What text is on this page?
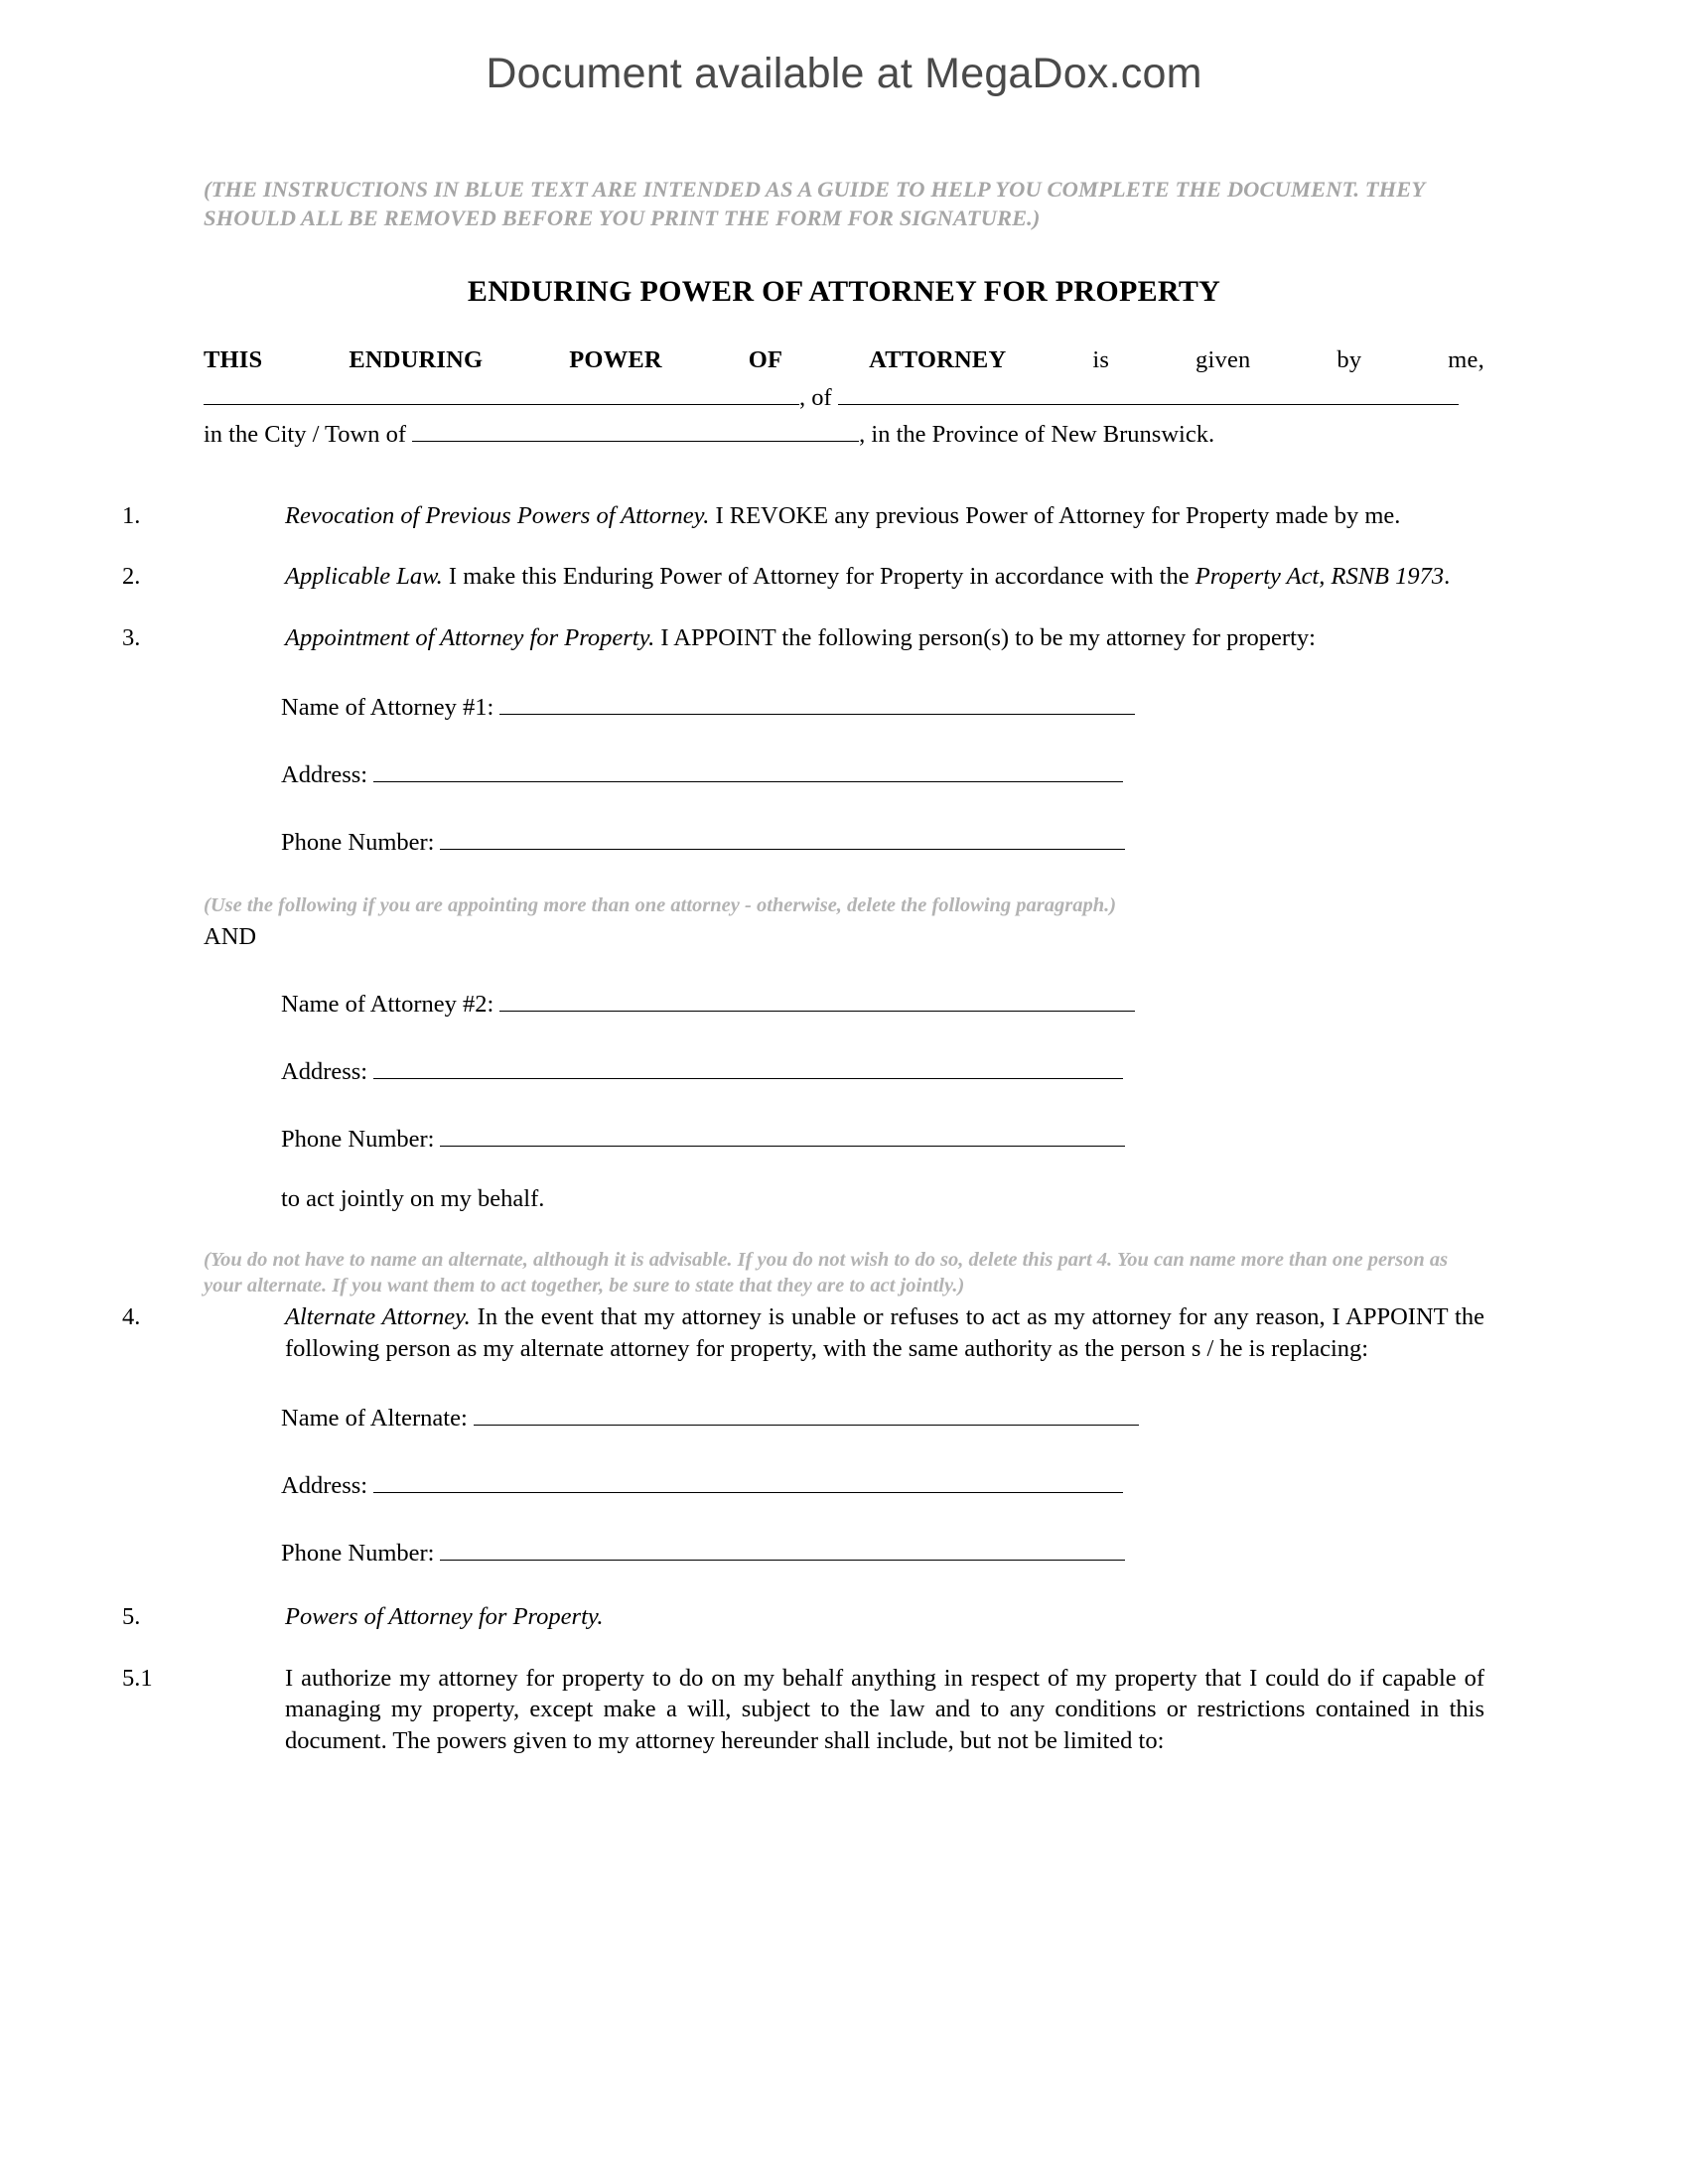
Document available at MegaDox.com
(THE INSTRUCTIONS IN BLUE TEXT ARE INTENDED AS A GUIDE TO HELP YOU COMPLETE THE DOCUMENT. THEY SHOULD ALL BE REMOVED BEFORE YOU PRINT THE FORM FOR SIGNATURE.)
ENDURING POWER OF ATTORNEY FOR PROPERTY
THIS	ENDURING	POWER	OF	ATTORNEY	is	given	by	me,
, of
in the City / Town of	, in the Province of New Brunswick.
1.	Revocation of Previous Powers of Attorney. I REVOKE any previous Power of Attorney for Property made by me.
2.	Applicable Law. I make this Enduring Power of Attorney for Property in accordance with the Property Act, RSNB 1973.
3.	Appointment of Attorney for Property. I APPOINT the following person(s) to be my attorney for property:
Name of Attorney #1:
Address:
Phone Number:
(Use the following if you are appointing more than one attorney - otherwise, delete the following paragraph.)
AND
Name of Attorney #2:
Address:
Phone Number:
to act jointly on my behalf.
(You do not have to name an alternate, although it is advisable. If you do not wish to do so, delete this part 4. You can name more than one person as your alternate. If you want them to act together, be sure to state that they are to act jointly.)
4.	Alternate Attorney. In the event that my attorney is unable or refuses to act as my attorney for any reason, I APPOINT the following person as my alternate attorney for property, with the same authority as the person s / he is replacing:
Name of Alternate:
Address:
Phone Number:
5.	Powers of Attorney for Property.
5.1	I authorize my attorney for property to do on my behalf anything in respect of my property that I could do if capable of managing my property, except make a will, subject to the law and to any conditions or restrictions contained in this document. The powers given to my attorney hereunder shall include, but not be limited to:
